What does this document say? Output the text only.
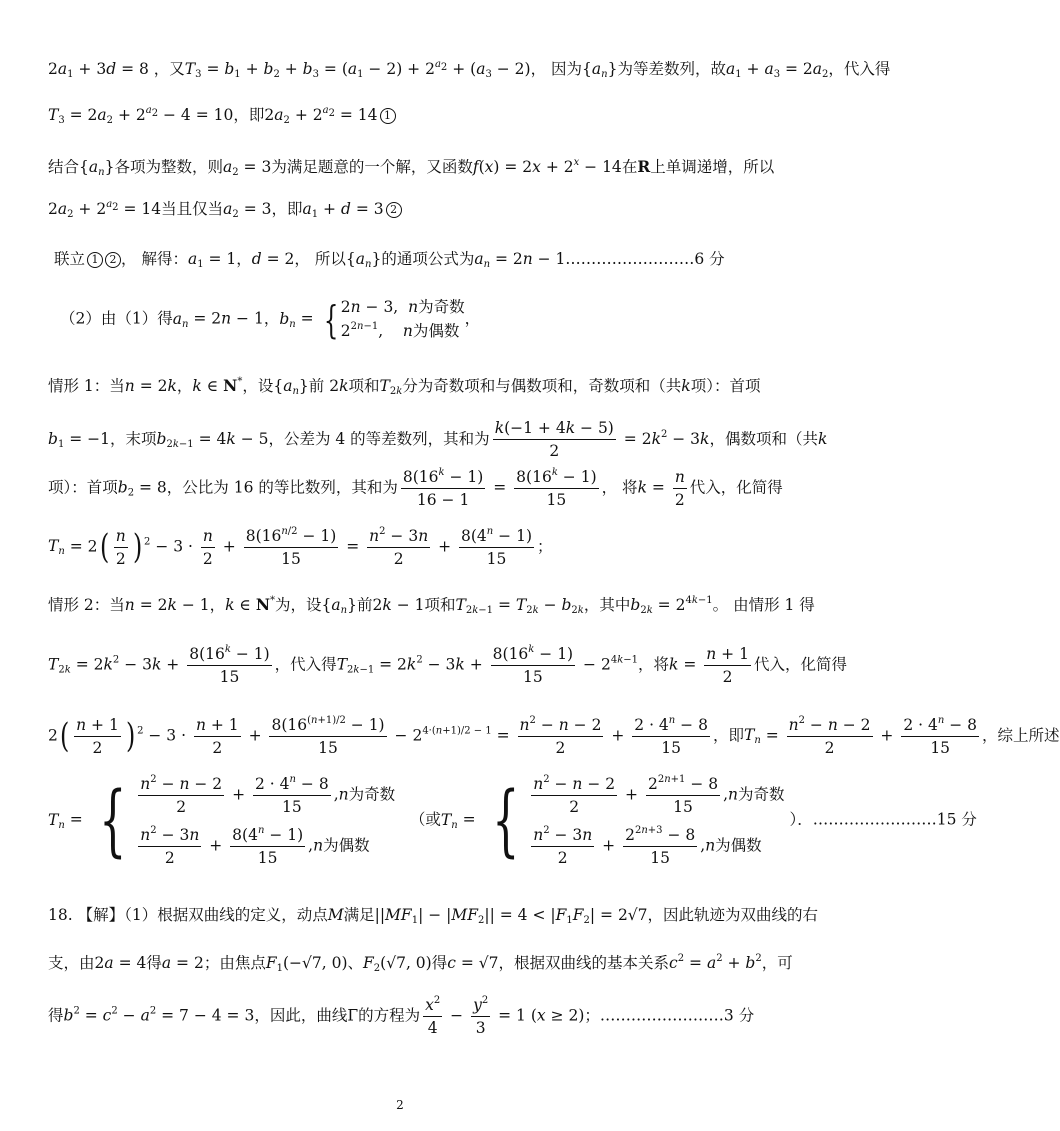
$2a_1 + 3d = 8$ ，又$T_3 = b_1 + b_2 + b_3 = (a_1 - 2) + 2^{a_2} + (a_3 - 2)$， 因为$\{a_n\}$为等差数列，故$a_1 + a_3 = 2a_2$，代入得
$T_3 = 2a_2 + 2^{a_2} - 4 = 10$，即$2a_2 + 2^{a_2} = 14$ 1
结合$\{a_n\}$各项为整数，则$a_2 = 3$为满足题意的一个解，又函数$f(x) = 2x + 2^x - 14$在R上单调递增，所以
$2a_2 + 2^{a_2} = 14$当且仅当$a_2 = 3$，即$a_1 + d = 3$ 2
联立 1 2 ， 解得：$a_1 = 1$，d = 2， 所以$\{a_n\}$的通项公式为$a_n = 2n$ − 1.……………………6 分
（2）由（1）得$a_n = 2n - 1$，$b_n$ = { 2n − 3,  n为奇数
$2^{2n-1}$,    n为偶数
，
情形 1：当n = 2k，k ∈ N*，设$\{a_n\}$前 2k项和$T_{2k}$分为奇数项和与偶数项和，奇数项和（共k项）：首项
$b_1 = -1$，末项$b_{2k-1} = 4k - 5$，公差为 4 的等差数列，其和为 $\frac{k(-1 + 4k - 5)}{2} = 2k^2 - 3k$，偶数项和（共k
项）：首项$b_2 = 8$，公比为 16 的等比数列，其和为 $\frac{8(16^k - 1)}{16 - 1} = \frac{8(16^k - 1)}{15}$ ， 将$k = \frac{n}{2}$ 代入，化简得
$T_n = 2( \frac{n}{2}$ ) $^2 - 3 \cdot \frac{n}{2} + \frac{8(16^{n/2} - 1)}{15} = \frac{n^2 - 3n}{2} + \frac{8(4^n - 1)}{15}$ ；
情形 2：当n = 2k − 1，k ∈ N*为，设$\{a_n\}$前2k − 1项和$T_{2k-1} = T_{2k} - b_{2k}$，其中$b_{2k} = 2^{4k-1}$。 由情形 1 得
$T_{2k} = 2k^2 - 3k + \frac{8(16^k - 1)}{15}$ ，代入得$T_{2k-1} = 2k^2 - 3k + \frac{8(16^k - 1)}{15} - 2^{4k-1}$，将$k = \frac{n + 1}{2}$ 代入，化简得
$2( \frac{n + 1}{2}$ ) $^2 - 3 \cdot \frac{n + 1}{2} + \frac{8(16^{(n+1)/2} - 1)}{15} - 2^{4\cdot(n+1)/2 - 1} = \frac{n^2 - n - 2}{2} + \frac{2 \cdot 4^n - 8}{15}$ ，即$T_n = \frac{n^2 - n - 2}{2} + \frac{2 \cdot 4^n - 8}{15}$ ，综上所述
$T_n$ = { $\frac{n^2 - n - 2}{2} + \frac{2 \cdot 4^n - 8}{15} ,n$为奇数
$\frac{n^2 - 3n}{2} + \frac{8(4^n - 1)}{15} ,n$为偶数
（或$T_n$ = { $\frac{n^2 - n - 2}{2} + \frac{2^{2n+1} - 8}{15} ,n$为奇数
$\frac{n^2 - 3n}{2} + \frac{2^{2n+3} - 8}{15} ,n$为偶数
）．……………………15 分
18. 【解】（1）根据双曲线的定义，动点M满足$||MF_1| - |MF_2|| = 4 < |F_1F_2| = 2√7$，因此轨迹为双曲线的右
支，由2a = 4得a = 2；由焦点$F_1(-√7$, 0)、$F_2(√7$, 0)得c = √7，根据双曲线的基本关系$c^2 = a^2 + b^2$，可
得$b^2 = c^2 - a^2 = 7 - 4 = 3$，因此，曲线Γ的方程为 $\frac{x^2}{4} - \frac{y^2}{3} = 1$ (x ≥ 2)；……………………3 分
2
